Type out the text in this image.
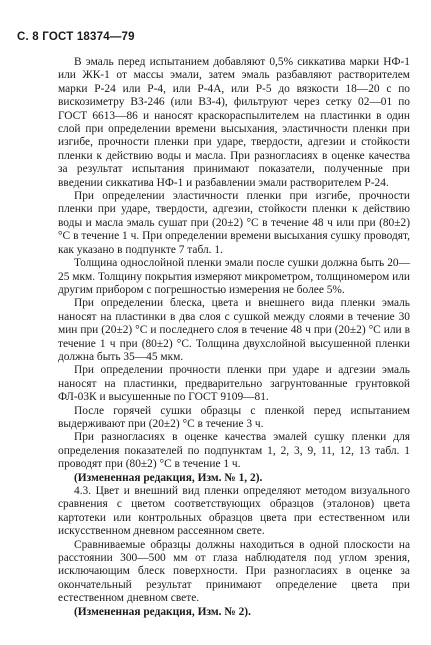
С. 8 ГОСТ 18374—79

В эмаль перед испытанием добавляют 0,5% сиккатива марки НФ-1 или ЖК-1 от массы эмали, затем эмаль разбавляют растворителем марки Р-24 или Р-4, или Р-4А, или Р-5 до вязкости 18—20 с по вискозиметру ВЗ-246 (или ВЗ-4), фильтруют через сетку 02—01 по ГОСТ 6613—86 и наносят краскораспылителем на пластинки в один слой при определении времени высыхания, эластичности пленки при изгибе, прочности пленки при ударе, твердости, адгезии и стойкости пленки к действию воды и масла. При разногласиях в оценке качества за результат испытания принимают показатели, полученные при введении сиккатива НФ-1 и разбавлении эмали растворителем Р-24.

При определении эластичности пленки при изгибе, прочности пленки при ударе, твердости, адгезии, стойкости пленки к действию воды и масла эмаль сушат при (20±2) °С в течение 48 ч или при (80±2) °С в течение 1 ч. При определении времени высыхания сушку проводят, как указано в подпункте 7 табл. 1.

Толщина однослойной пленки эмали после сушки должна быть 20—25 мкм. Толщину покрытия измеряют микрометром, толщиномером или другим прибором с погрешностью измерения не более 5%.

При определении блеска, цвета и внешнего вида пленки эмаль наносят на пластинки в два слоя с сушкой между слоями в течение 30 мин при (20±2) °С и последнего слоя в течение 48 ч при (20±2) °С или в течение 1 ч при (80±2) °С. Толщина двухслойной высушенной пленки должна быть 35—45 мкм.

При определении прочности пленки при ударе и адгезии эмаль наносят на пластинки, предварительно загрунтованные грунтовкой ФЛ-03К и высушенные по ГОСТ 9109—81.

После горячей сушки образцы с пленкой перед испытанием выдерживают при (20±2) °С в течение 3 ч.

При разногласиях в оценке качества эмалей сушку пленки для определения показателей по подпунктам 1, 2, 3, 9, 11, 12, 13 табл. 1 проводят при (80±2) °С в течение 1 ч.

(Измененная редакция, Изм. № 1, 2).

4.3. Цвет и внешний вид пленки определяют методом визуального сравнения с цветом соответствующих образцов (эталонов) цвета картотеки или контрольных образцов цвета при естественном или искусственном дневном рассеянном свете.

Сравниваемые образцы должны находиться в одной плоскости на расстоянии 300—500 мм от глаза наблюдателя под углом зрения, исключающим блеск поверхности. При разногласиях в оценке за окончательный результат принимают определение цвета при естественном дневном свете.

(Измененная редакция, Изм. № 2).
